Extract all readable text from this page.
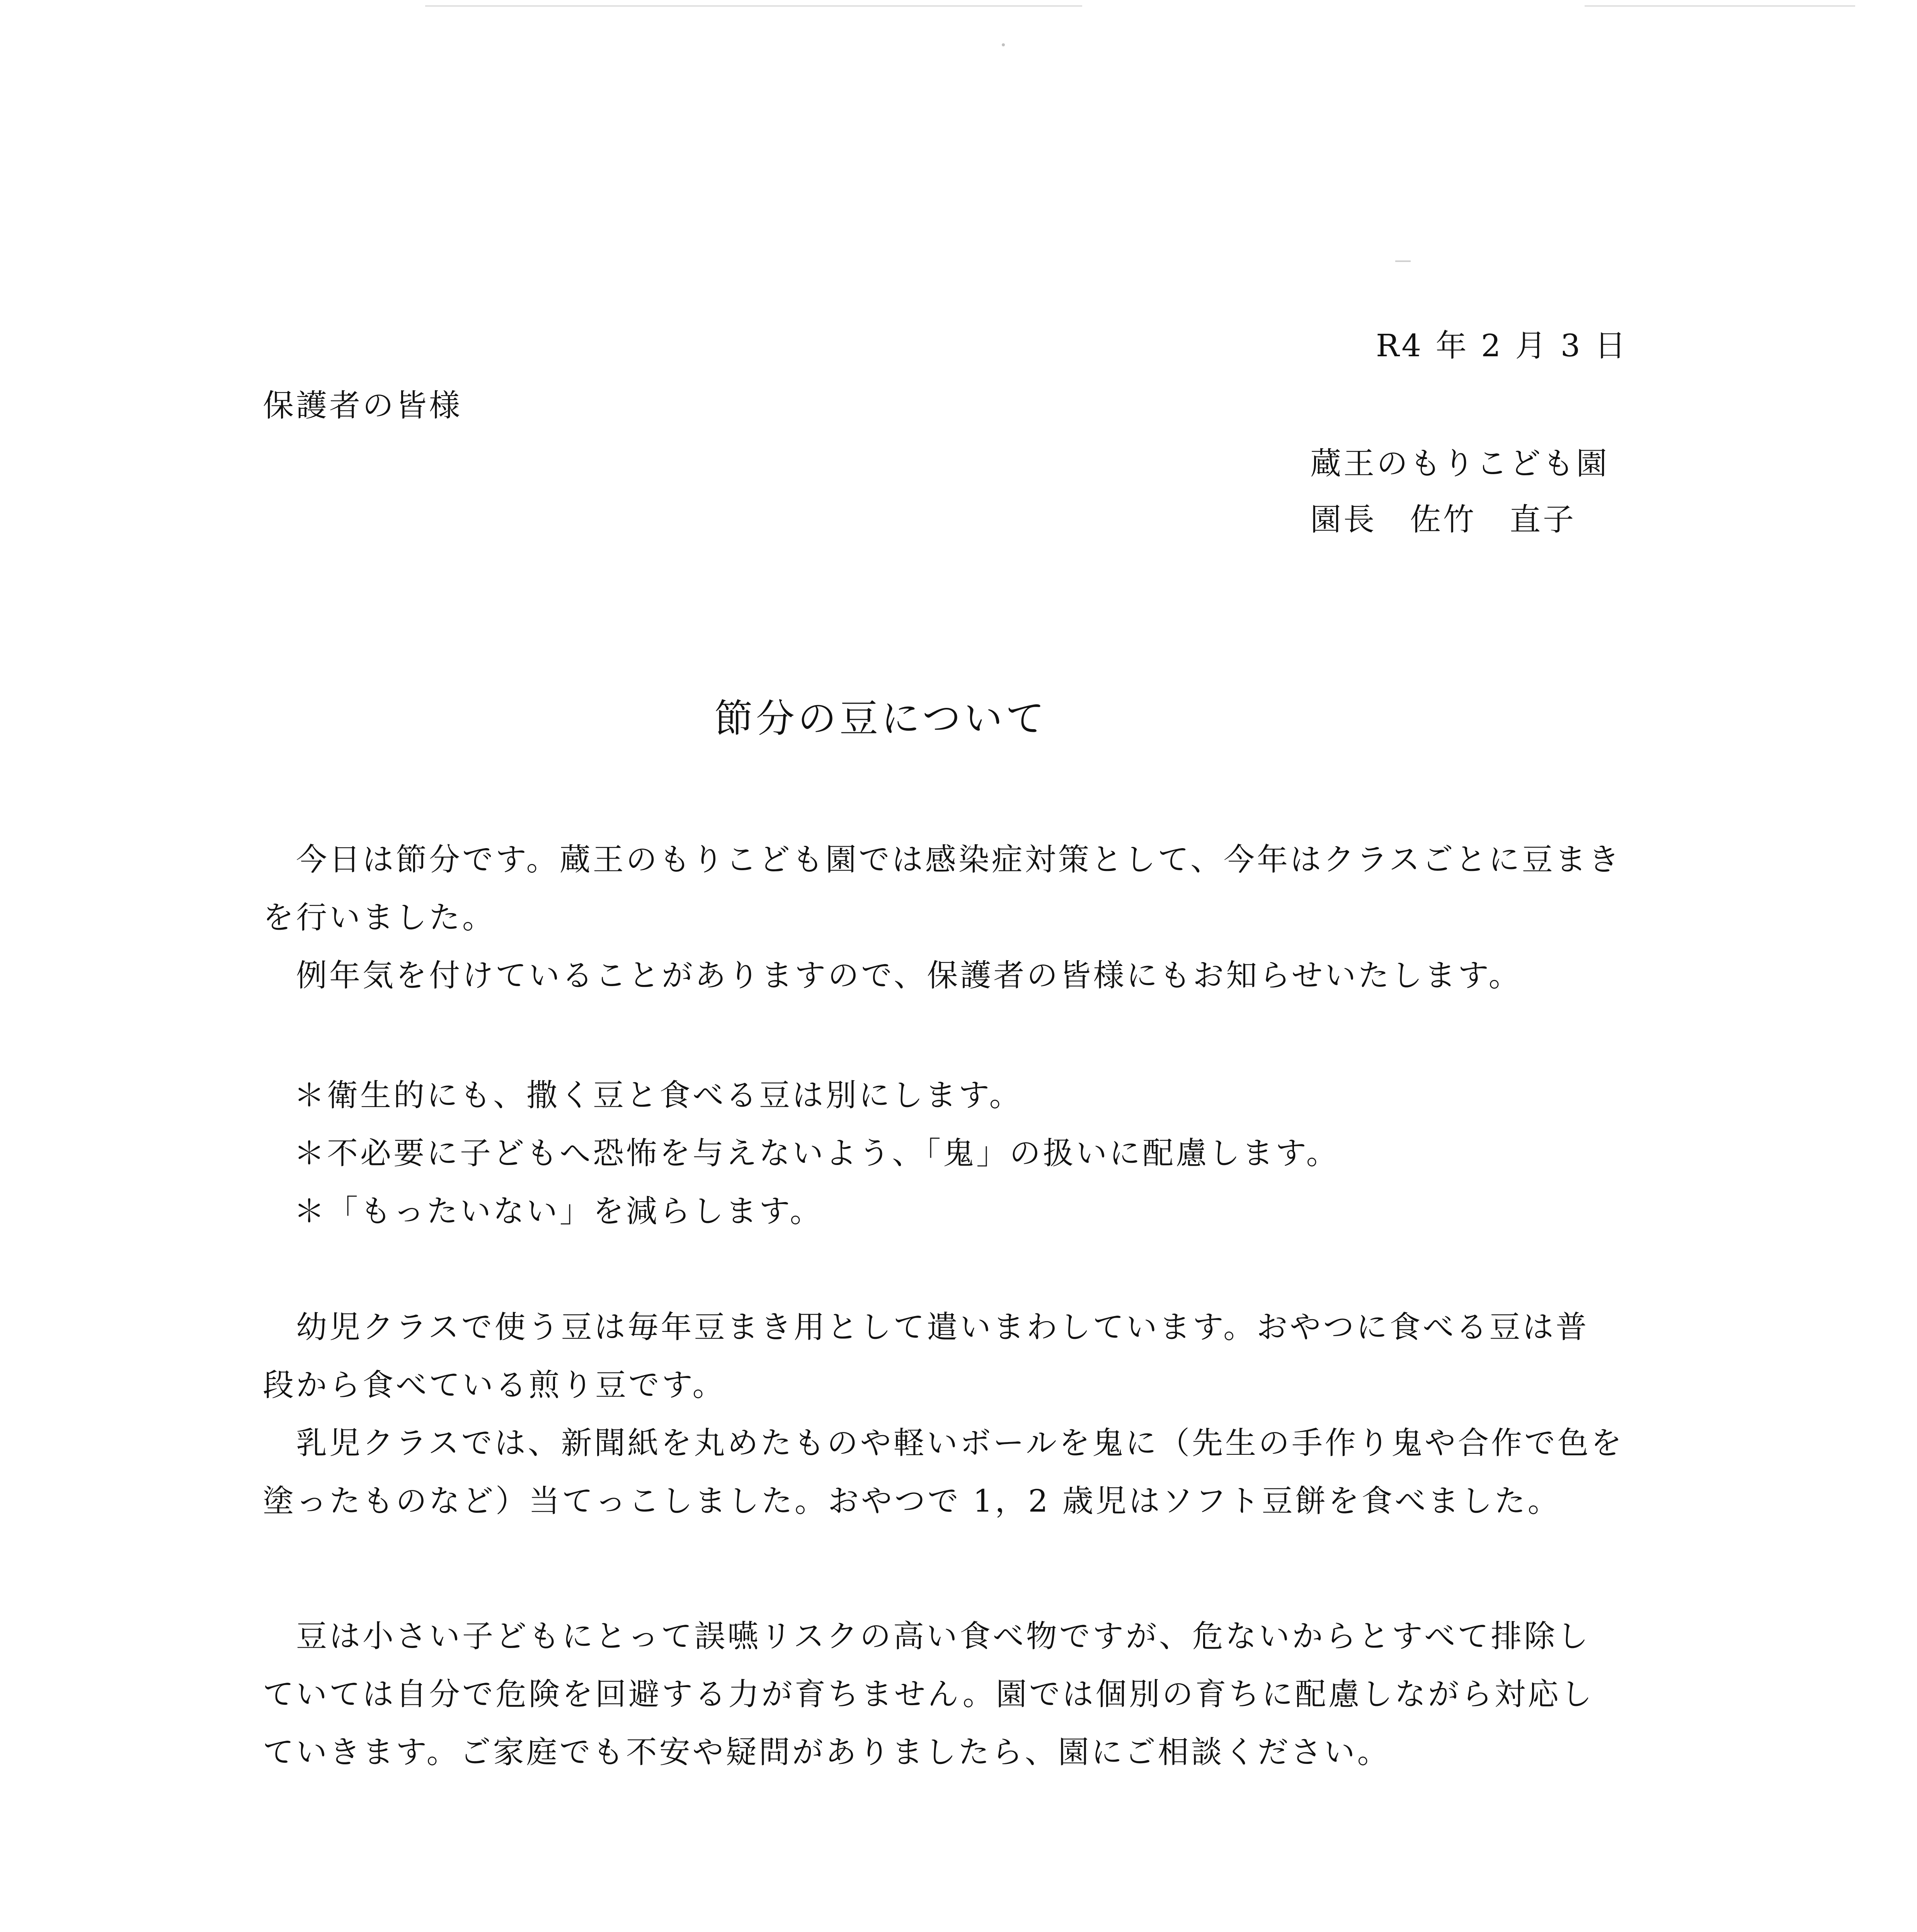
R4 年 2 月 3 日
保護者の皆様
蔵王のもりこども園
園長　佐竹　直子
節分の豆について

　今日は節分です。蔵王のもりこども園では感染症対策として、今年はクラスごとに豆まき

を行いました。

　例年気を付けていることがありますので、保護者の皆様にもお知らせいたします。

＊衛生的にも、撒く豆と食べる豆は別にします。

＊不必要に子どもへ恐怖を与えないよう、「鬼」の扱いに配慮します。

＊「もったいない」を減らします。

　幼児クラスで使う豆は毎年豆まき用として遣いまわしています。おやつに食べる豆は普

段から食べている煎り豆です。

　乳児クラスでは、新聞紙を丸めたものや軽いボールを鬼に（先生の手作り鬼や合作で色を

塗ったものなど）当てっこしました。おやつで 1，2 歳児はソフト豆餅を食べました。

　豆は小さい子どもにとって誤嚥リスクの高い食べ物ですが、危ないからとすべて排除し

ていては自分で危険を回避する力が育ちません。園では個別の育ちに配慮しながら対応し

ていきます。ご家庭でも不安や疑問がありましたら、園にご相談ください。
